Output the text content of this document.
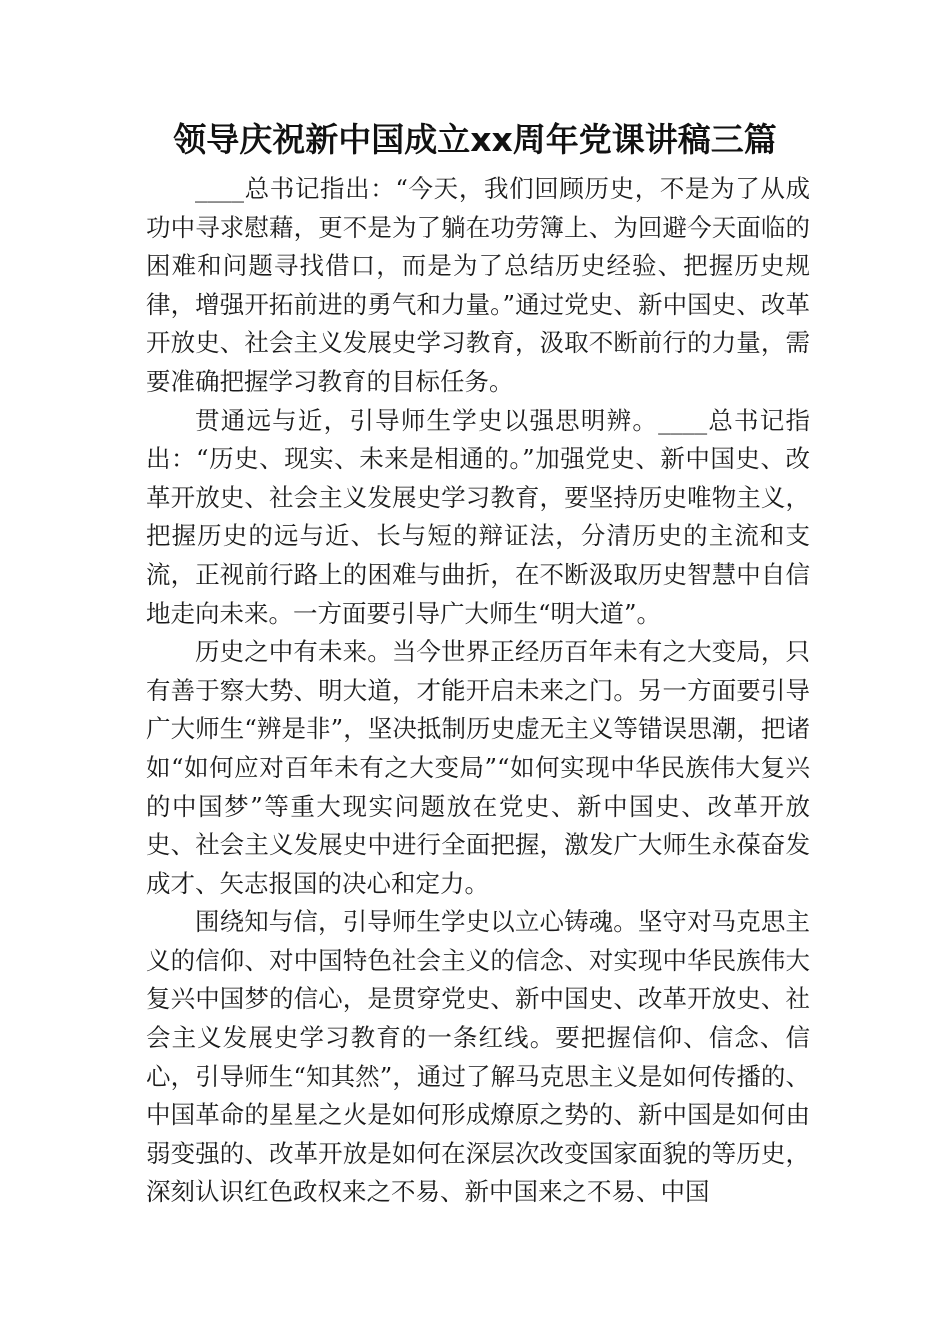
领导庆祝新中国成立xx周年党课讲稿三篇

____总书记指出：“今天，我们回顾历史，不是为了从成功中寻求慰藉，更不是为了躺在功劳簿上、为回避今天面临的困难和问题寻找借口，而是为了总结历史经验、把握历史规律，增强开拓前进的勇气和力量。”通过党史、新中国史、改革开放史、社会主义发展史学习教育，汲取不断前行的力量，需要准确把握学习教育的目标任务。

贯通远与近，引导师生学史以强思明辨。____总书记指出：“历史、现实、未来是相通的。”加强党史、新中国史、改革开放史、社会主义发展史学习教育，要坚持历史唯物主义，把握历史的远与近、长与短的辩证法，分清历史的主流和支流，正视前行路上的困难与曲折，在不断汲取历史智慧中自信地走向未来。一方面要引导广大师生“明大道”。

历史之中有未来。当今世界正经历百年未有之大变局，只有善于察大势、明大道，才能开启未来之门。另一方面要引导广大师生“辨是非”，坚决抵制历史虚无主义等错误思潮，把诸如“如何应对百年未有之大变局”“如何实现中华民族伟大复兴的中国梦”等重大现实问题放在党史、新中国史、改革开放史、社会主义发展史中进行全面把握，激发广大师生永葆奋发成才、矢志报国的决心和定力。

围绕知与信，引导师生学史以立心铸魂。坚守对马克思主义的信仰、对中国特色社会主义的信念、对实现中华民族伟大复兴中国梦的信心，是贯穿党史、新中国史、改革开放史、社会主义发展史学习教育的一条红线。要把握信仰、信念、信心，引导师生“知其然”，通过了解马克思主义是如何传播的、中国革命的星星之火是如何形成燎原之势的、新中国是如何由弱变强的、改革开放是如何在深层次改变国家面貌的等历史，深刻认识红色政权来之不易、新中国来之不易、中国
